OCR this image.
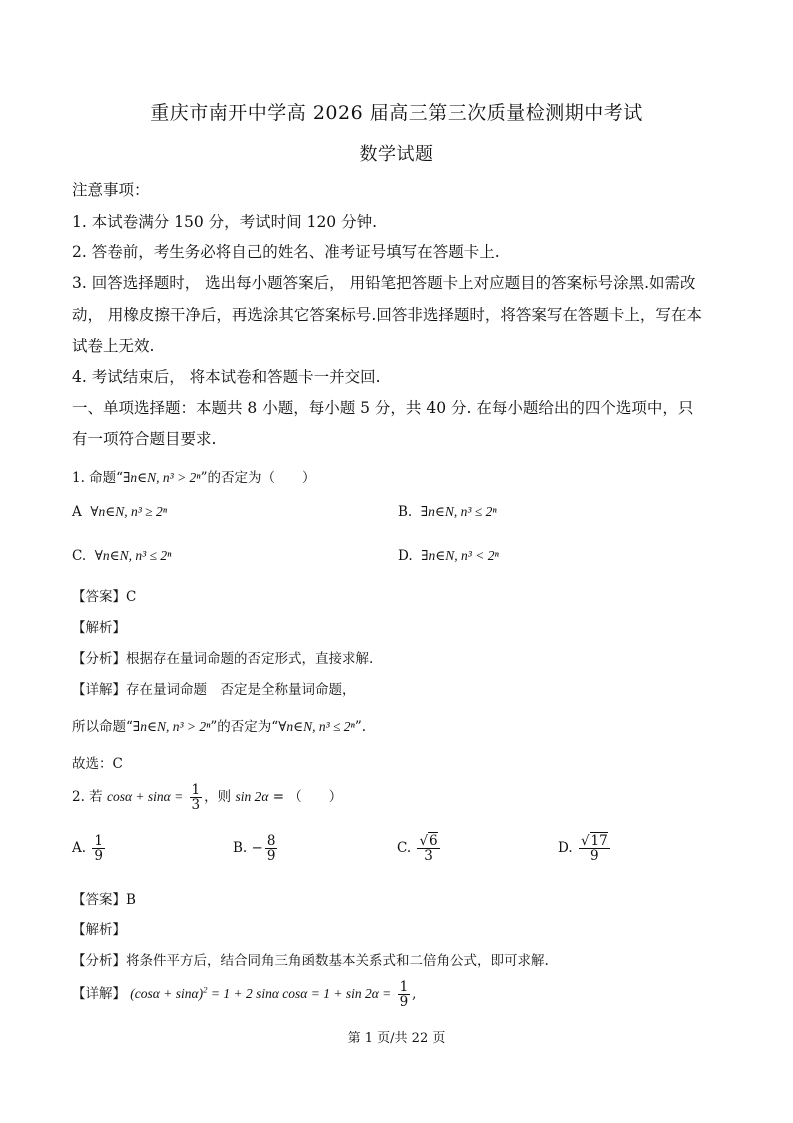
重庆市南开中学高 2026 届高三第三次质量检测期中考试
数学试题
注意事项：
1. 本试卷满分 150 分，考试时间 120 分钟.
2. 答卷前，考生务必将自己的姓名、准考证号填写在答题卡上.
3. 回答选择题时， 选出每小题答案后， 用铅笔把答题卡上对应题目的答案标号涂黑.如需改
动， 用橡皮擦干净后，再选涂其它答案标号.回答非选择题时，将答案写在答题卡上，写在本
试卷上无效.
4. 考试结束后， 将本试卷和答题卡一并交回.
一、单项选择题：本题共 8 小题，每小题 5 分，共 40 分. 在每小题给出的四个选项中，只
有一项符合题目要求.
1. 命题“∃n∈N, n³ > 2ⁿ”的否定为（　　）
A ∀n∈N, n³ ≥ 2ⁿ	B. ∃n∈N, n³ ≤ 2ⁿ
C. ∀n∈N, n³ ≤ 2ⁿ	D. ∃n∈N, n³ < 2ⁿ
【答案】C
【解析】
【分析】根据存在量词命题的否定形式，直接求解.
【详解】存在量词命题　否定是全称量词命题，
所以命题“∃n∈N, n³ > 2ⁿ”的否定为“∀n∈N, n³ ≤ 2ⁿ”.
故选：C
2. 若 $\cos\alpha + \sin\alpha = \frac{1}{3}$ ，则 sin 2α = （　　）
A. $\frac{1}{9}$	B. − $\frac{8}{9}$	C. $\frac{√6}{3}$	D. $\frac{√17}{9}$
【答案】B
【解析】
【分析】将条件平方后，结合同角三角函数基本关系式和二倍角公式，即可求解.
【详解】 $(\cos\alpha + \sin\alpha)^2 = 1 + 2$ sinα $\cos\alpha = 1 + \sin 2\alpha = \frac{1}{9}$ ,
第 1 页/共 22 页
